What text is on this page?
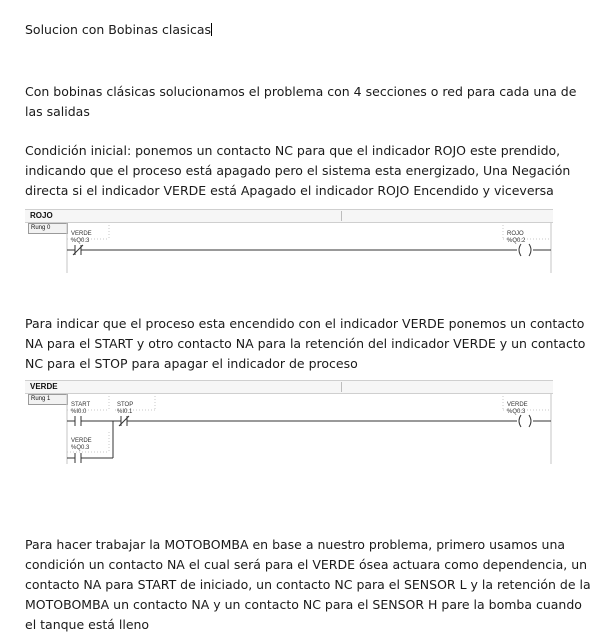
Solucion con Bobinas clasicas

Con bobinas clásicas solucionamos el problema con 4 secciones o red para cada una de las salidas

Condición inicial: ponemos un contacto NC para que el indicador ROJO este prendido, indicando que el proceso está apagado pero el sistema esta energizado, Una Negación directa si el indicador VERDE está Apagado el indicador ROJO Encendido y viceversa

ROJO
Rung 0
VERDE
%Q0.3
ROJO
%Q0.2

Para indicar que el proceso esta encendido con el indicador VERDE ponemos un contacto NA para el START y otro contacto NA para la retención del indicador VERDE y un contacto NC para el STOP para apagar el indicador de proceso

VERDE
Rung 1
START
%I0.0
STOP
%I0.1
VERDE
%Q0.3
VERDE
%Q0.3

Para hacer trabajar la MOTOBOMBA en base a nuestro problema, primero usamos una condición un contacto NA el cual será para el VERDE ósea actuara como dependencia, un contacto NA para START de iniciado, un contacto NC para el SENSOR L y la retención de la MOTOBOMBA un contacto NA y un contacto NC para el SENSOR H pare la bomba cuando el tanque está lleno
